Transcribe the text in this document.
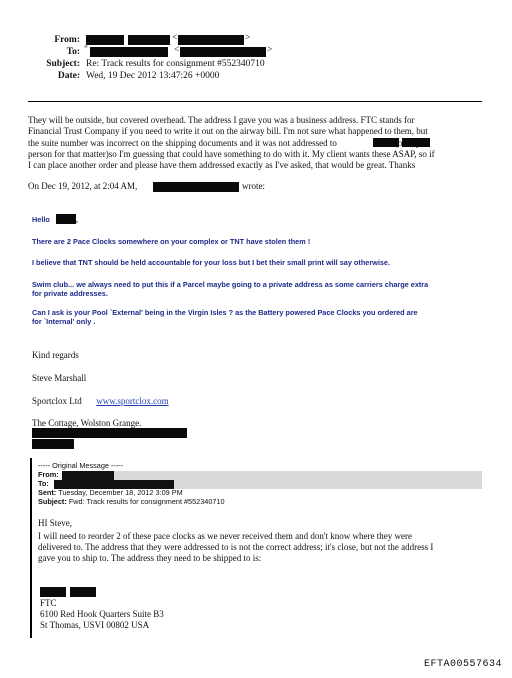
From:	<	>
To: "	<	>
Subject: Re: Track results for consignment #552340710
Date: Wed, 19 Dec 2012 13:47:26 +0000
They will be outside, but covered overhead. The address I gave you was a business address. FTC stands for
Financial Trust Company if you need to write it out on the airway bill. I'm not sure what happened to them, but
the suite number was incorrect on the shipping documents and it was not addressed to	(or
person for that matter)so I'm guessing that could have something to do with it. My client wants these ASAP, so if
I can place another order and please have them addressed exactly as I've asked, that would be great. Thanks
On Dec 19, 2012, at 2:04 AM,	wrote:
Hello	,
There are 2 Pace Clocks somewhere on your complex or TNT have stolen them !
I believe that TNT should be held accountable for your loss but I bet their small print will say otherwise.
Swim club... we always need to put this if a Parcel maybe going to a private address as some carriers charge extra
for private addresses.
Can I ask is your Pool `External' being in the Virgin Isles ? as the Battery powered Pace Clocks you ordered are
for `Internal' only .
Kind regards
Steve Marshall
Sportclox Ltd www.sportclox.com
The Cottage, Wolston Grange.
----- Original Message -----
From:
To:
Sent: Tuesday, December 18, 2012 3:09 PM
Subject: Fwd: Track results for consignment #552340710
HI Steve,
I will need to reorder 2 of these pace clocks as we never received them and don't know where they were
delivered to. The address that they were addressed to is not the correct address; it's close, but not the address I
gave you to ship to. The address they need to be shipped to is:
FTC
6100 Red Hook Quarters Suite B3
St Thomas, USVI 00802 USA
EFTA00557634
